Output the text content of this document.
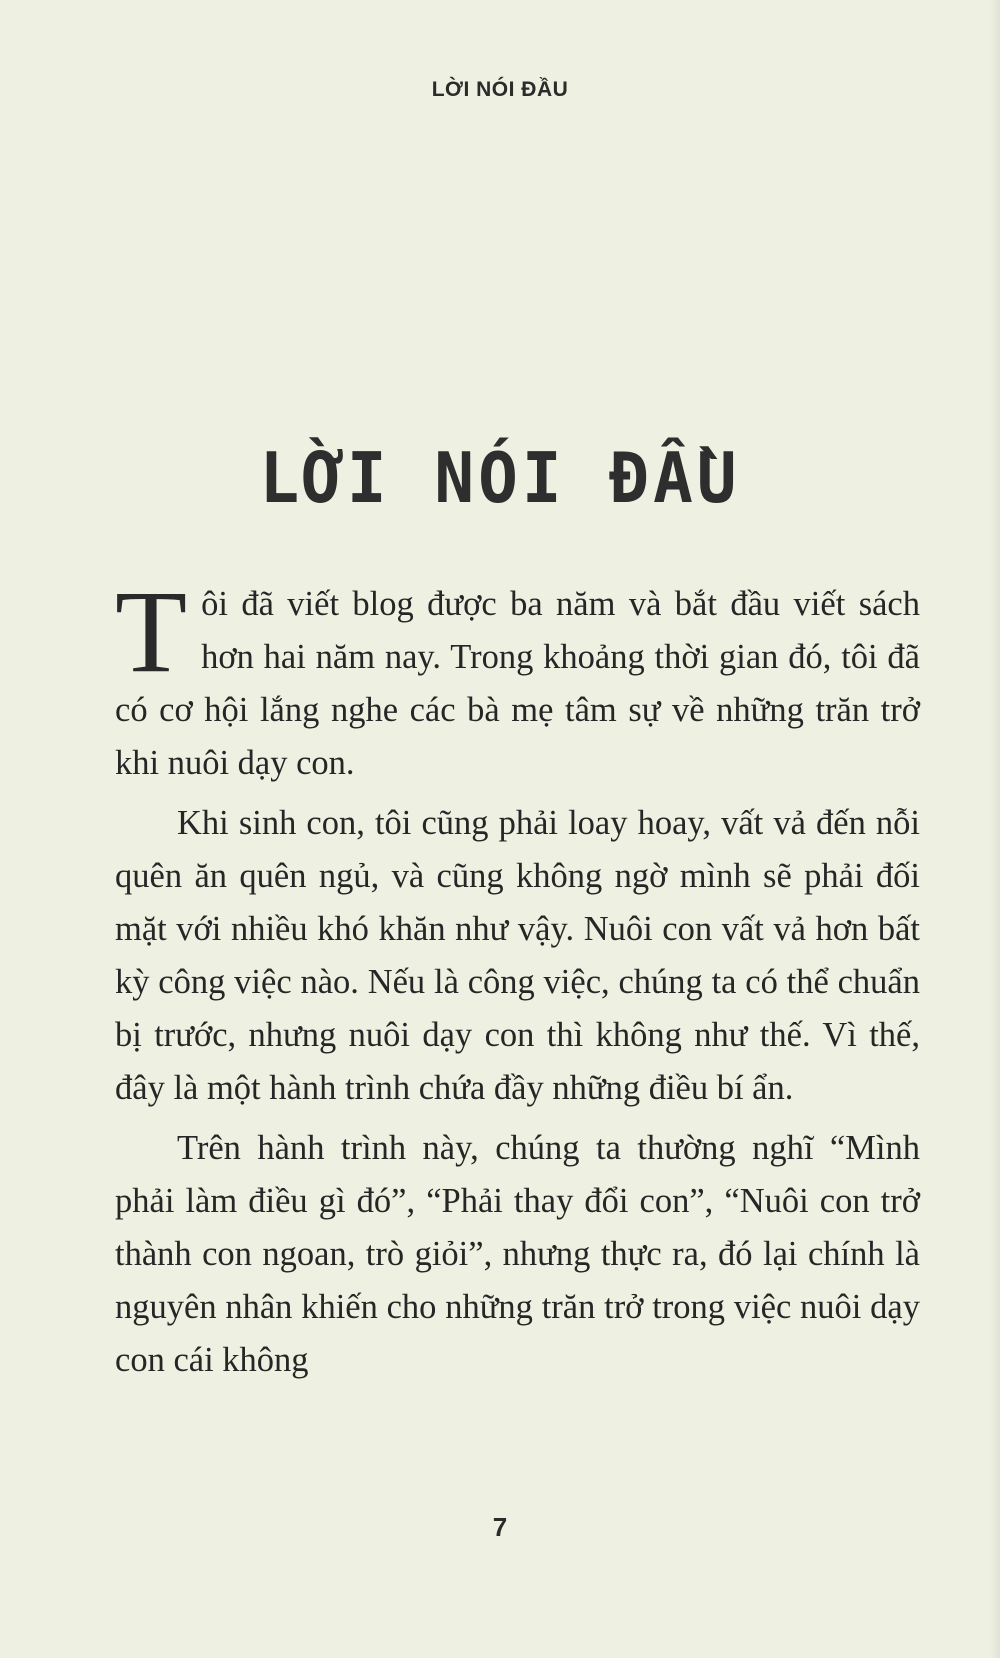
LỜI NÓI ĐẦU
LỜI NÓI ĐẦU

Tôi đã viết blog được ba năm và bắt đầu viết sách hơn hai năm nay. Trong khoảng thời gian đó, tôi đã có cơ hội lắng nghe các bà mẹ tâm sự về những trăn trở khi nuôi dạy con.

Khi sinh con, tôi cũng phải loay hoay, vất vả đến nỗi quên ăn quên ngủ, và cũng không ngờ mình sẽ phải đối mặt với nhiều khó khăn như vậy. Nuôi con vất vả hơn bất kỳ công việc nào. Nếu là công việc, chúng ta có thể chuẩn bị trước, nhưng nuôi dạy con thì không như thế. Vì thế, đây là một hành trình chứa đầy những điều bí ẩn.

Trên hành trình này, chúng ta thường nghĩ “Mình phải làm điều gì đó”, “Phải thay đổi con”, “Nuôi con trở thành con ngoan, trò giỏi”, nhưng thực ra, đó lại chính là nguyên nhân khiến cho những trăn trở trong việc nuôi dạy con cái không

7
